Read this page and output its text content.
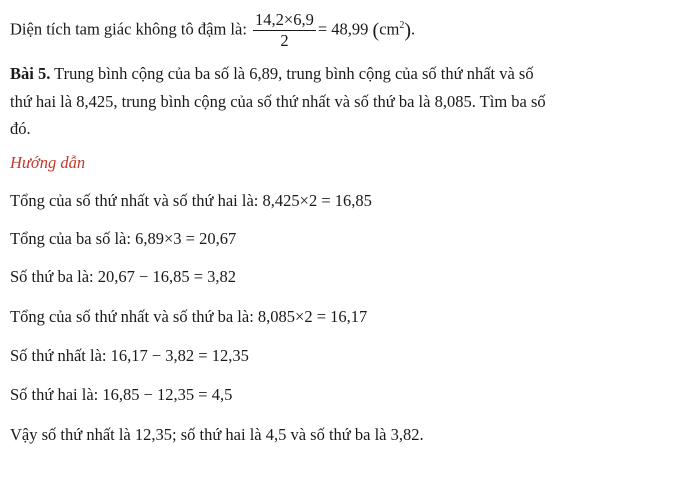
Diện tích tam giác không tô đậm là: $\frac{14,2\times 6,9}{2} = 48,99$ $(cm^2)$.
Bài 5. Trung bình cộng của ba số là 6,89, trung bình cộng của số thứ nhất và số
thứ hai là 8,425, trung bình cộng của số thứ nhất và số thứ ba là 8,085. Tìm ba số
đó.
Hướng dẫn
Tổng của số thứ nhất và số thứ hai là: 8,425×2 = 16,85
Tổng của ba số là: 6,89×3 = 20,67
Số thứ ba là: 20,67 − 16,85 = 3,82
Tổng của số thứ nhất và số thứ ba là: 8,085×2 = 16,17
Số thứ nhất là: 16,17 − 3,82 = 12,35
Số thứ hai là: 16,85 − 12,35 = 4,5
Vậy số thứ nhất là 12,35; số thứ hai là 4,5 và số thứ ba là 3,82.
